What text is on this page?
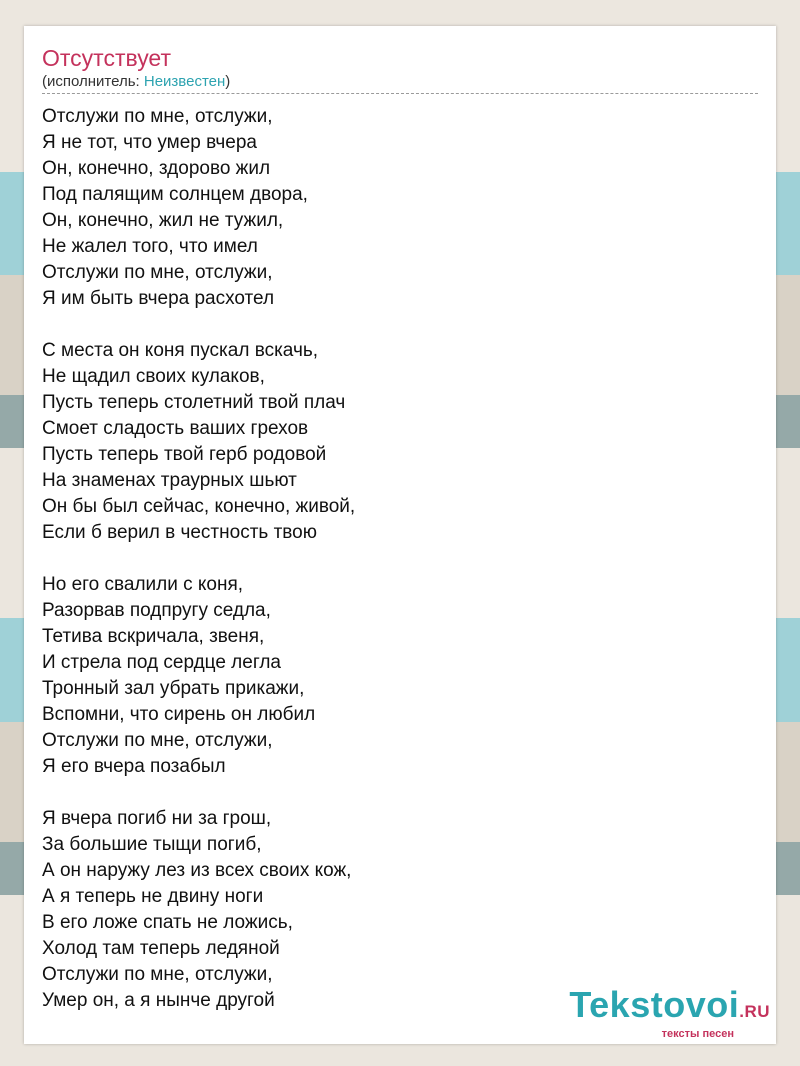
Отсутствует
(исполнитель: Неизвестен)
Отслужи по мне, отслужи,
Я не тот, что умер вчера
Он, конечно, здорово жил
Под палящим солнцем двора,
Он, конечно, жил не тужил,
Не жалел того, что имел
Отслужи по мне, отслужи,
Я им быть вчера расхотел
С места он коня пускал вскачь,
Не щадил своих кулаков,
Пусть теперь столетний твой плач
Смоет сладость ваших грехов
Пусть теперь твой герб родовой
На знаменах траурных шьют
Он бы был сейчас, конечно, живой,
Если б верил в честность твою
Но его свалили с коня,
Разорвав подпругу седла,
Тетива вскричала, звеня,
И стрела под сердце легла
Тронный зал убрать прикажи,
Вспомни, что сирень он любил
Отслужи по мне, отслужи,
Я его вчера позабыл
Я вчера погиб ни за грош,
За большие тыщи погиб,
А он наружу лез из всех своих кож,
А я теперь не двину ноги
В его ложе спать не ложись,
Холод там теперь ледяной
Отслужи по мне, отслужи,
Умер он, а я нынче другой	Tekstovoi.RU
тексты песен
